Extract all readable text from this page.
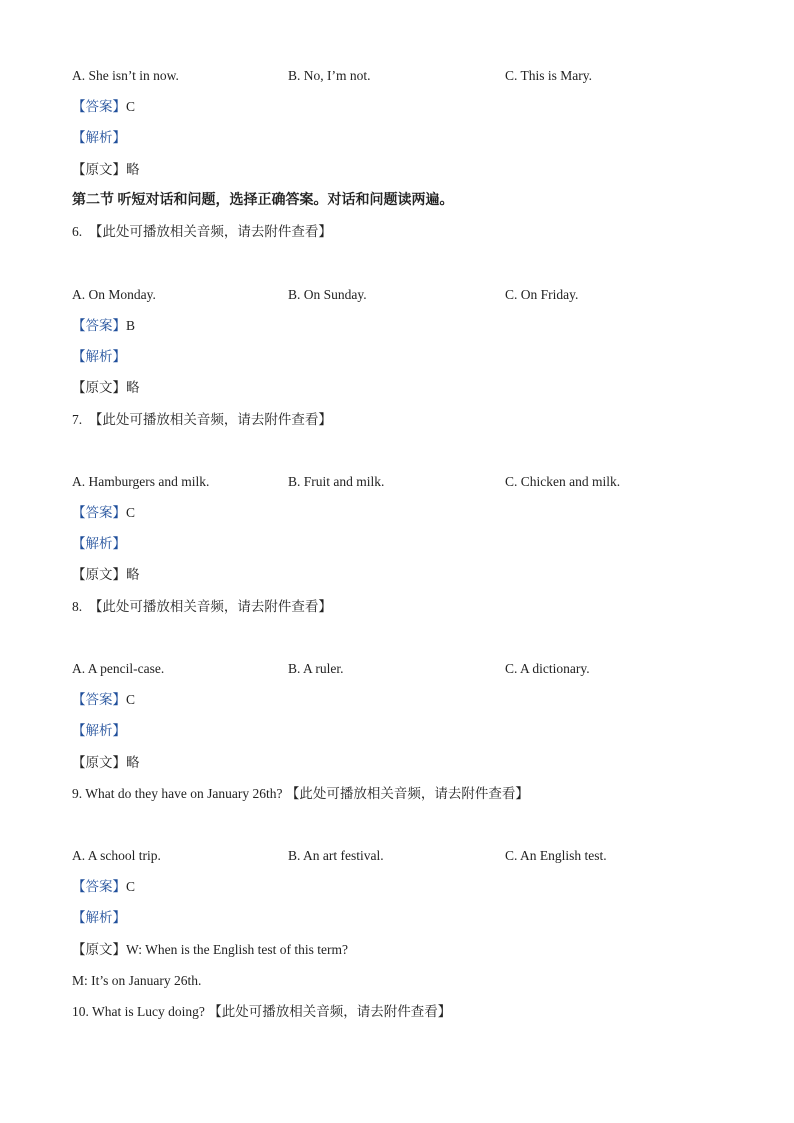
A. She isn’t in now.	B. No, I’m not.	C. This is Mary.
【答案】C
【解析】
【原文】略
第二节 听短对话和问题，选择正确答案。对话和问题读两遍。
6.　【此处可播放相关音频，请去附件查看】
A. On Monday.	B. On Sunday.	C. On Friday.
【答案】B
【解析】
【原文】略
7.　【此处可播放相关音频，请去附件查看】
A. Hamburgers and milk.	B. Fruit and milk.	C. Chicken and milk.
【答案】C
【解析】
【原文】略
8.　【此处可播放相关音频，请去附件查看】
A. A pencil-case.	B. A ruler.	C. A dictionary.
【答案】C
【解析】
【原文】略
9. What do they have on January 26th? 【此处可播放相关音频，请去附件查看】
A. A school trip.	B. An art festival.	C. An English test.
【答案】C
【解析】
【原文】W: When is the English test of this term?
M: It’s on January 26th.
10. What is Lucy doing? 【此处可播放相关音频，请去附件查看】
